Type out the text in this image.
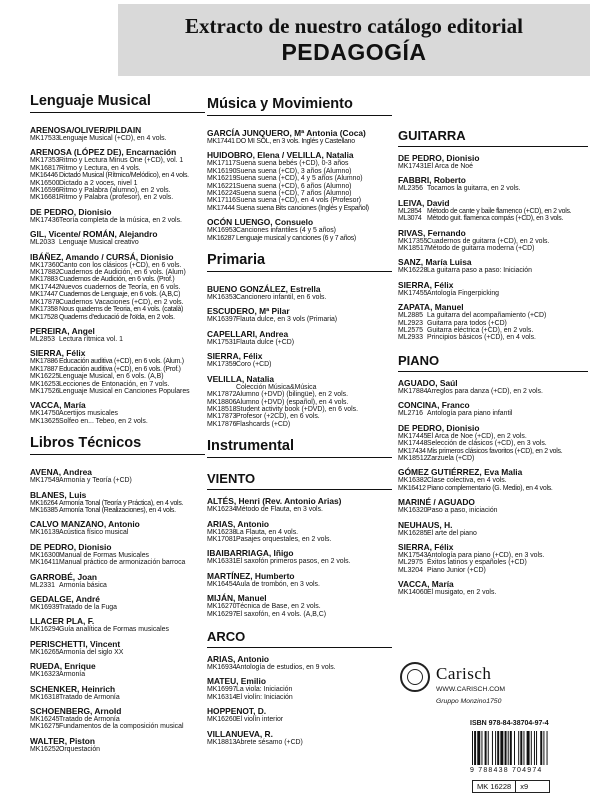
Extracto de nuestro catálogo editorial
PEDAGOGÍA
Lenguaje Musical
ARENOSA/OLIVER/PILDAIN
MK17533Lenguaje Musical (+CD), en 4 vols.
ARENOSA (LÓPEZ DE), Encarnación
MK17353Ritmo y Lectura Minus One (+CD), vol. 1
MK16817Ritmo y Lectura, en 4 vols.
MK16446Dictado Musical (Rítmico/Melódico), en 4 vols.
MK16500Dictado a 2 voces, nivel 1
MK16596Ritmo y Palabra (alumno), en 2 vols.
MK16681Ritmo y Palabra (profesor), en 2 vols.
DE PEDRO, Dionisio
MK17436Teoría completa de la música, en 2 vols.
GIL, Vicente/ ROMÁN, Alejandro
ML2033 Lenguaje Musical creativo
IBÁÑEZ, Amando / CURSÁ, Dionisio
MK17360Canto con los clásicos (+CD), en 6 vols.
MK17882Cuadernos de Audición, en 6 vols. (Alum)
MK17883Cuadernos de Audición, en 6 vols. (Prof.)
MK17442Nuevos cuadernos de Teoría, en 6 vols.
MK17447Cuadernos de Lenguaje, en 6 vols. (A,B,C)
MK17878Cuadernos Vacaciones (+CD), en 2 vols.
MK17358Nous quaderns de Teoria, en 4 vols. (català)
MK17528Quaderns d'educació de l'oïda, en 2 vols.
PEREIRA, Angel
ML2853 Lectura rítmica vol. 1
SIERRA, Félix
MK17886Educación auditiva (+CD), en 6 vols. (Alum.)
MK17887Educación auditiva (+CD), en 6 vols. (Prof.)
MK16225Lenguaje Musical, en 6 vols. (A,B)
MK16253Lecciones de Entonación, en 7 vols.
MK17526Lenguaje Musical en Canciones Populares
VACCA, María
MK14750Acertijos musicales
MK13625Solfeo en... Tebeo, en 2 vols.
Libros Técnicos
AVENA, Andrea
MK17549Armonía y Teoría (+CD)
BLANES, Luis
MK16264Armonía Tonal (Teoría y Práctica), en 4 vols.
MK16385Armonía Tonal (Realizaciones), en 4 vols.
CALVO MANZANO, Antonio
MK16139Acústica físico musical
DE PEDRO, Dionisio
MK16300Manual de Formas Musicales
MK16411Manual práctico de armonización barroca
GARROBÉ, Joan
ML2331 Armonía básica
GEDALGE, André
MK16939Tratado de la Fuga
LLACER PLA, F.
MK16294Guía analítica de Formas musicales
PERISCHETTI, Vincent
MK16265Armonía del siglo XX
RUEDA, Enrique
MK16323Armonía
SCHENKER, Heinrich
MK16318Tratado de Armonía
SCHOENBERG, Arnold
MK16245Tratado de Armonía
MK16275Fundamentos de la composición musical
WALTER, Piston
MK16252Orquestación
Música y Movimiento
GARCÍA JUNQUERO, Mª Antonia (Coca)
MK17441DO MI SOL, en 3 vols. Inglés y Castellano
HUIDOBRO, Elena / VELILLA, Natalia
MK17117Suena suena bebés (+CD), 0-3 años
MK16190Suena suena (+CD), 3 años (Alumno)
MK16219Suena suena (+CD), 4 y 5 años (Alumno)
MK16221Suena suena (+CD), 6 años (Alumno)
MK16224Suena suena (+CD), 7 años (Alumno)
MK17116Suena suena (+CD), en 4 vols (Profesor)
MK17444Suena suena Bits canciones (Inglés y Español)
OCÓN LUENGO, Consuelo
MK16953Canciones infantiles (4 y 5 años)
MK16287Lenguaje musical y canciones (6 y 7 años)
Primaria
BUENO GONZÁLEZ, Estrella
MK16353Cancionero infantil, en 6 vols.
ESCUDERO, Mª Pilar
MK16397Flauta dulce, en 3 vols (Primaria)
CAPELLARI, Andrea
MK17531Flauta dulce (+CD)
SIERRA, Félix
MK17359Coro (+CD)
VELILLA, Natalia
Colección Música&Música
MK17872Alumno (+DVD) (bilingüe), en 2 vols.
MK18806Alumno (+DVD) (español), en 4 vols.
MK18518Student activity book (+DVD), en 6 vols.
MK17873Profesor (+2CD), en 6 vols.
MK17876Flashcards (+CD)
Instrumental
VIENTO
ALTÉS, Henri (Rev. Antonio Arias)
MK16234Método de Flauta, en 3 vols.
ARIAS, Antonio
MK16238La Flauta, en 4 vols.
MK17081Pasajes orquestales, en 2 vols.
IBAIBARRIAGA, Iñigo
MK16331El saxofón primeros pasos, en 2 vols.
MARTÍNEZ, Humberto
MK16454Aula de trombón, en 3 vols.
MIJÁN, Manuel
MK16270Técnica de Base, en 2 vols.
MK16297El saxofón, en 4 vols. (A,B,C)
ARCO
ARIAS, Antonio
MK16934Antología de estudios, en 9 vols.
MATEU, Emilio
MK16997La viola: Iniciación
MK16314El violín: Iniciación
HOPPENOT, D.
MK16260El violín interior
VILLANUEVA, R.
MK18813Abrete sésamo (+CD)
GUITARRA
DE PEDRO, Dionisio
MK17431El Arca de Noé
FABBRI, Roberto
ML2356 Tocamos la guitarra, en 2 vols.
LEIVA, David
ML2854 Método de cante y baile flamenco (+CD), en 2 vols.
ML3074 Método guit. flamenca compás (+CD), en 3 vols.
RIVAS, Fernando
MK17355Cuadernos de guitarra (+CD), en 2 vols.
MK18517Método de guitarra moderna (+CD)
SANZ, María Luisa
MK16228La guitarra paso a paso: Iniciación
SIERRA, Félix
MK17455Antología Fingerpicking
ZAPATA, Manuel
ML2885 La guitarra del acompañamiento (+CD)
ML2923 Guitarra para todos (+CD)
ML2575 Guitarra eléctrica (+CD), en 2 vols.
ML2933 Principios básicos (+CD), en 4 vols.
PIANO
AGUADO, Saúl
MK17884Arreglos para danza (+CD), en 2 vols.
CONCINA, Franco
ML2716 Antología para piano infantil
DE PEDRO, Dionisio
MK17445El Arca de Noe (+CD), en 2 vols.
MK17448Selección de clásicos (+CD), en 3 vols.
MK17434Mis primeros clásicos favoritos (+CD), en 2 vols.
MK18512Zarzuela (+CD)
GÓMEZ GUTIÉRREZ, Eva Malia
MK16382Clase colectiva, en 4 vols.
MK16412Piano complementario (G. Medio), en 4 vols.
MARINÉ / AGUADO
MK16320Paso a paso, iniciación
NEUHAUS, H.
MK16285El arte del piano
SIERRA, Félix
MK17543Antología para piano (+CD), en 3 vols.
ML2975 Éxitos latinos y españoles (+CD)
ML3204 Piano Junior (+CD)
VACCA, María
MK14060El musigato, en 2 vols.
Carisch
WWW.CARISCH.COM
Gruppo Monzino1750
ISBN 978-84-38704-97-4
9 788438 704974
MK 16228	x9
